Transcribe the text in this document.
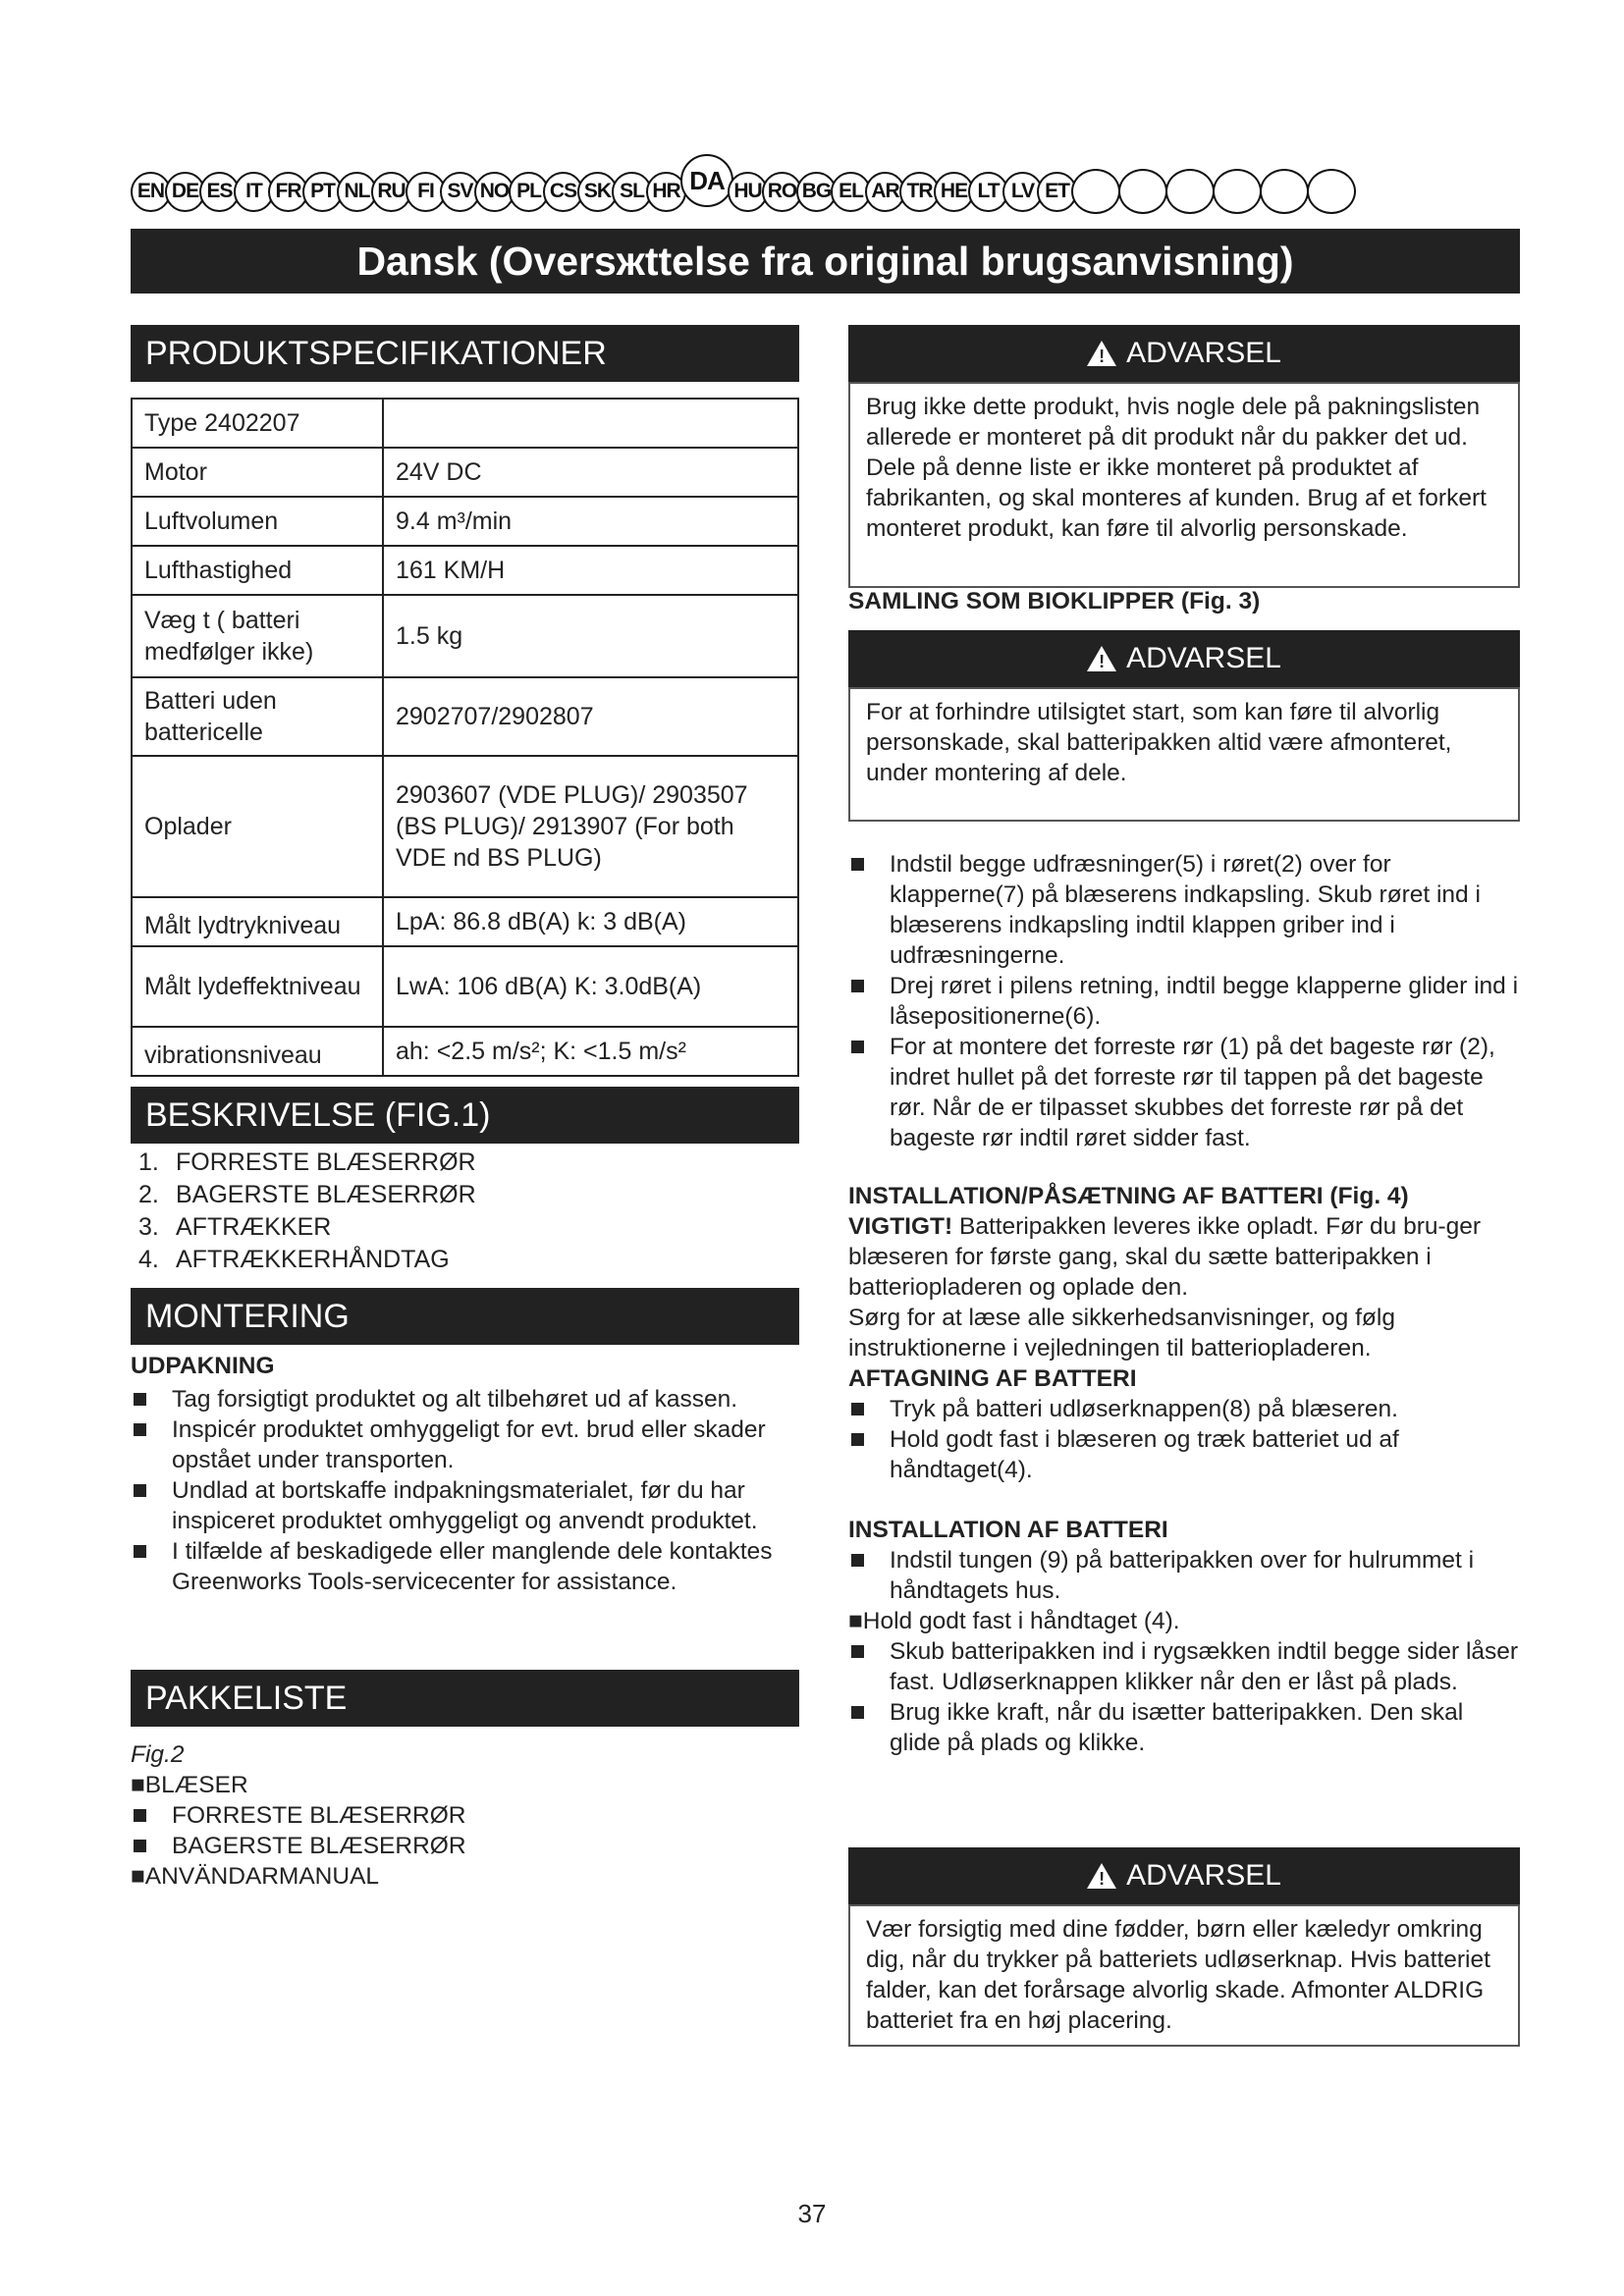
EN DE ES IT FR PT NL RU FI SV NO PL CS SK SL HR DA HU RO BG EL AR TR HE LT LV ET
Dansk (Oversжttelse fra original brugsanvisning)
PRODUKTSPECIFIKATIONER
Type 2402207	
Motor	24V DC
Luftvolumen	9.4 m³/min
Lufthastighed	161 KM/H
Væg t ( batteri medfølger ikke)	1.5 kg
Batteri uden battericelle	2902707/2902807
Oplader	2903607 (VDE PLUG)/ 2903507 (BS PLUG)/ 2913907 (For both VDE nd BS PLUG)
Målt lydtrykniveau	LpA: 86.8 dB(A) k: 3 dB(A)
Målt lydeffektniveau	LwA: 106 dB(A) K: 3.0dB(A)
vibrationsniveau	ah: <2.5 m/s²; K: <1.5 m/s²
BESKRIVELSE (FIG.1)
1. FORRESTE BLÆSERRØR
2. BAGERSTE BLÆSERRØR
3. AFTRÆKKER
4. AFTRÆKKERHÅNDTAG
MONTERING
UDPAKNING
Tag forsigtigt produktet og alt tilbehøret ud af kassen.
Inspicér produktet omhyggeligt for evt. brud eller skader opstået under transporten.
Undlad at bortskaffe indpakningsmaterialet, før du har inspiceret produktet omhyggeligt og anvendt produktet.
I tilfælde af beskadigede eller manglende dele kontaktes Greenworks Tools-servicecenter for assistance.
PAKKELISTE
Fig.2
■BLÆSER
FORRESTE BLÆSERRØR
BAGERSTE BLÆSERRØR
■ANVÄNDARMANUAL
!
ADVARSEL
Brug ikke dette produkt, hvis nogle dele på pakningslisten allerede er monteret på dit produkt når du pakker det ud. Dele på denne liste er ikke monteret på produktet af fabrikanten, og skal monteres af kunden. Brug af et forkert monteret produkt, kan føre til alvorlig personskade.
SAMLING SOM BIOKLIPPER (Fig. 3)
!
ADVARSEL
For at forhindre utilsigtet start, som kan føre til alvorlig personskade, skal batteripakken altid være afmonteret, under montering af dele.
Indstil begge udfræsninger(5) i røret(2) over for klapperne(7) på blæserens indkapsling. Skub røret ind i blæserens indkapsling indtil klappen griber ind i udfræsningerne.
Drej røret i pilens retning, indtil begge klapperne glider ind i låsepositionerne(6).
For at montere det forreste rør (1) på det bageste rør (2), indret hullet på det forreste rør til tappen på det bageste rør. Når de er tilpasset skubbes det forreste rør på det bageste rør indtil røret sidder fast.
INSTALLATION/PÅSÆTNING AF BATTERI (Fig. 4)
VIGTIGT! Batteripakken leveres ikke opladt. Før du bru-ger blæseren for første gang, skal du sætte batteripakken i batteriopladeren og oplade den.
Sørg for at læse alle sikkerhedsanvisninger, og følg instruktionerne i vejledningen til batteriopladeren.
AFTAGNING AF BATTERI
Tryk på batteri udløserknappen(8) på blæseren.
Hold godt fast i blæseren og træk batteriet ud af håndtaget(4).
INSTALLATION AF BATTERI
Indstil tungen (9) på batteripakken over for hulrummet i håndtagets hus.
■Hold godt fast i håndtaget (4).
Skub batteripakken ind i rygsækken indtil begge sider låser fast. Udløserknappen klikker når den er låst på plads.
Brug ikke kraft, når du isætter batteripakken. Den skal glide på plads og klikke.
!
ADVARSEL
Vær forsigtig med dine fødder, børn eller kæledyr omkring dig, når du trykker på batteriets udløserknap. Hvis batteriet falder, kan det forårsage alvorlig skade. Afmonter ALDRIG batteriet fra en høj placering.
37
